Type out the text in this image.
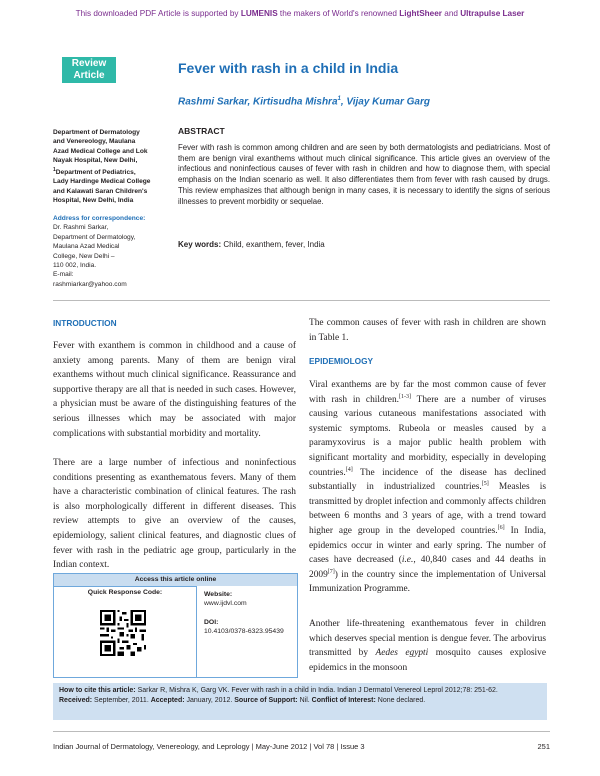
This downloaded PDF Article is supported by LUMENIS the makers of World's renowned LightSheer and Ultrapulse Laser
Review
Article	Fever with rash in a child in India
Rashmi Sarkar, Kirtisudha Mishra$^1$, Vijay Kumar Garg
Department of Dermatology
and Venereology, Maulana
Azad Medical College and Lok
Nayak Hospital, New Delhi,
$^1$Department of Pediatrics,
Lady Hardinge Medical College
and Kalawati Saran Children's
Hospital, New Delhi, India
Address for correspondence:
Dr. Rashmi Sarkar,
Department of Dermatology,
Maulana Azad Medical
College, New Delhi –
110 002, India.
E-mail:
rashmiarkar@yahoo.com
ABSTRACT
Fever with rash is common among children and are seen by both dermatologists and pediatricians. Most of them are benign viral exanthems without much clinical significance. This article gives an overview of the infectious and noninfectious causes of fever with rash in children and how to diagnose them, with special emphasis on the Indian scenario as well. It also differentiates them from fever with rash caused by drugs. This review emphasizes that although benign in many cases, it is necessary to identify the signs of serious illnesses to prevent morbidity or sequelae.
Key words: Child, exanthem, fever, India
INTRODUCTION
Fever with exanthem is common in childhood and a cause of anxiety among parents. Many of them are benign viral exanthems without much clinical significance. Reassurance and supportive therapy are all that is needed in such cases. However, a physician must be aware of the distinguishing features of the serious illnesses which may be associated with major complications with substantial morbidity and mortality.
There are a large number of infectious and noninfectious conditions presenting as exanthematous fevers. Many of them have a characteristic combination of clinical features. The rash is also morphologically different in different diseases. This review attempts to give an overview of the causes, epidemiology, salient clinical features, and diagnostic clues of fever with rash in the pediatric age group, particularly in the Indian context.
The common causes of fever with rash in children are shown in Table 1.
EPIDEMIOLOGY
Viral exanthems are by far the most common cause of fever with rash in children.[1-3] There are a number of viruses causing various cutaneous manifestations associated with systemic symptoms. Rubeola or measles caused by a paramyxovirus is a major public health problem with significant mortality and morbidity, especially in developing countries.[4] The incidence of the disease has declined substantially in industrialized countries.[5] Measles is transmitted by droplet infection and commonly affects children between 6 months and 3 years of age, with a trend toward higher age group in the developed countries.[6] In India, epidemics occur in winter and early spring. The number of cases have decreased (i.e., 40,840 cases and 44 deaths in 2009[7]) in the country since the implementation of Universal Immunization Programme.
Another life-threatening exanthematous fever in children which deserves special mention is dengue fever. The arbovirus transmitted by Aedes egypti mosquito causes explosive epidemics in the monsoon
Access this article online
Quick Response Code:	Website:
www.ijdvl.com
DOI:
10.4103/0378-6323.95439
How to cite this article: Sarkar R, Mishra K, Garg VK. Fever with rash in a child in India. Indian J Dermatol Venereol Leprol 2012;78: 251-62.
Received: September, 2011. Accepted: January, 2012. Source of Support: Nil. Conflict of Interest: None declared.
Indian Journal of Dermatology, Venereology, and Leprology | May-June 2012 | Vol 78 | Issue 3	251
